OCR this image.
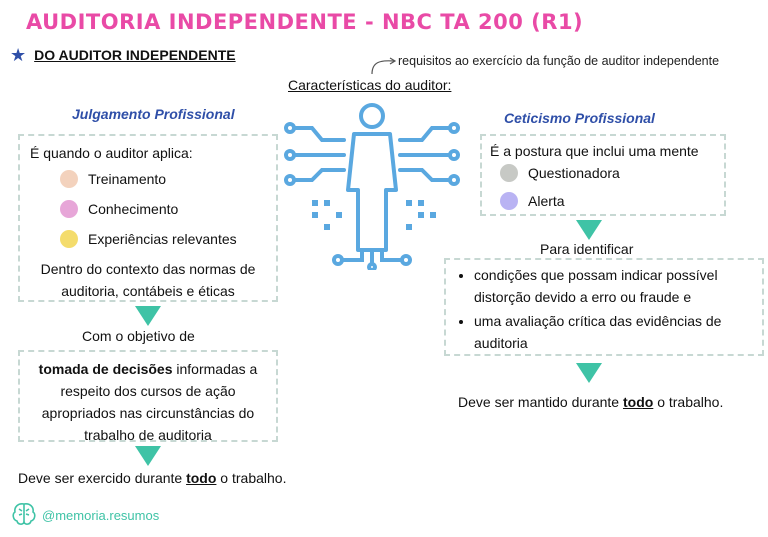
AUDITORIA INDEPENDENTE - NBC TA 200 (R1)
★ DO AUDITOR INDEPENDENTE	requisitos ao exercício da função de auditor independente
Características do auditor:
Julgamento Profissional
É quando o auditor aplica:
Treinamento
Conhecimento
Experiências relevantes
Dentro do contexto das normas de auditoria, contábeis e éticas
Com o objetivo de
tomada de decisões informadas a respeito dos cursos de ação apropriados nas circunstâncias do trabalho de auditoria
Deve ser exercido durante todo o trabalho.
Ceticismo Profissional
É a postura que inclui uma mente
Questionadora
Alerta
Para identificar
• condições que possam indicar possível distorção devido a erro ou fraude e
• uma avaliação crítica das evidências de auditoria
Deve ser mantido durante todo o trabalho.
@memoria.resumos
